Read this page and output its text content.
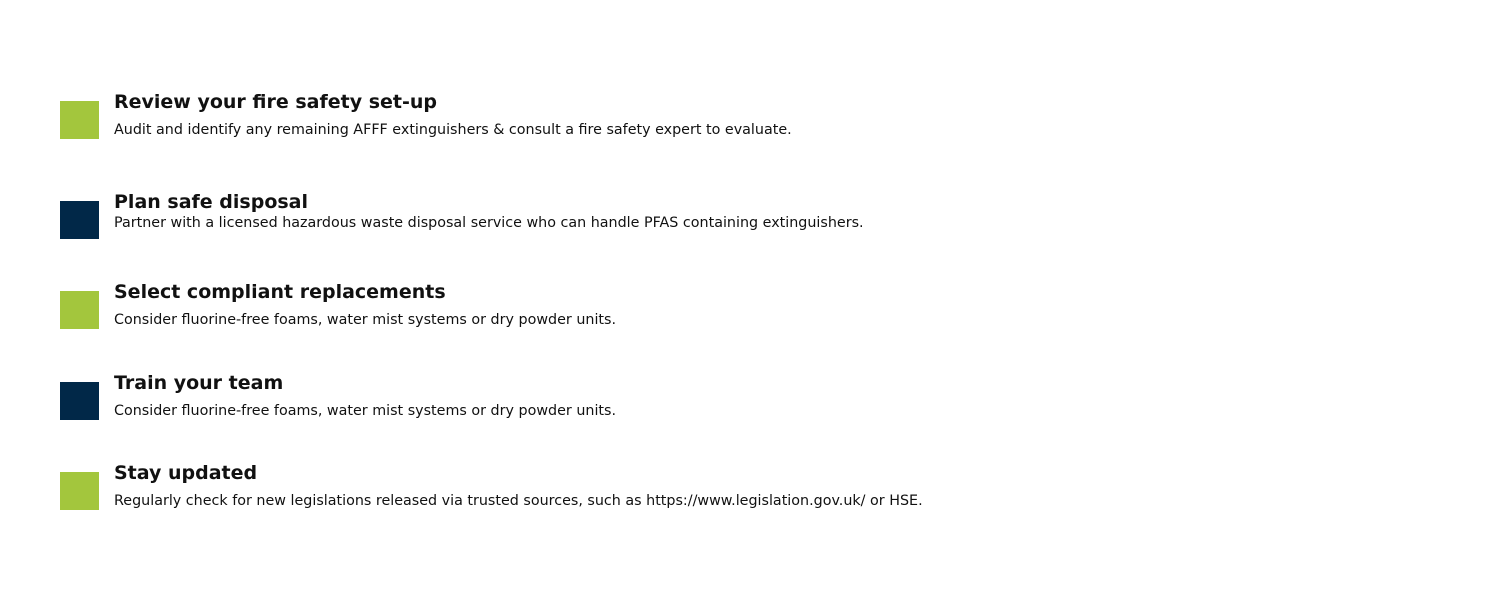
Review your fire safety set-up

Audit and identify any remaining AFFF extinguishers & consult a fire safety expert to evaluate.

Plan safe disposal

Partner with a licensed hazardous waste disposal service who can handle PFAS containing extinguishers.

Select compliant replacements

Consider fluorine-free foams, water mist systems or dry powder units.

Train your team

Consider fluorine-free foams, water mist systems or dry powder units.

Stay updated

Regularly check for new legislations released via trusted sources, such as https://www.legislation.gov.uk/ or HSE.
